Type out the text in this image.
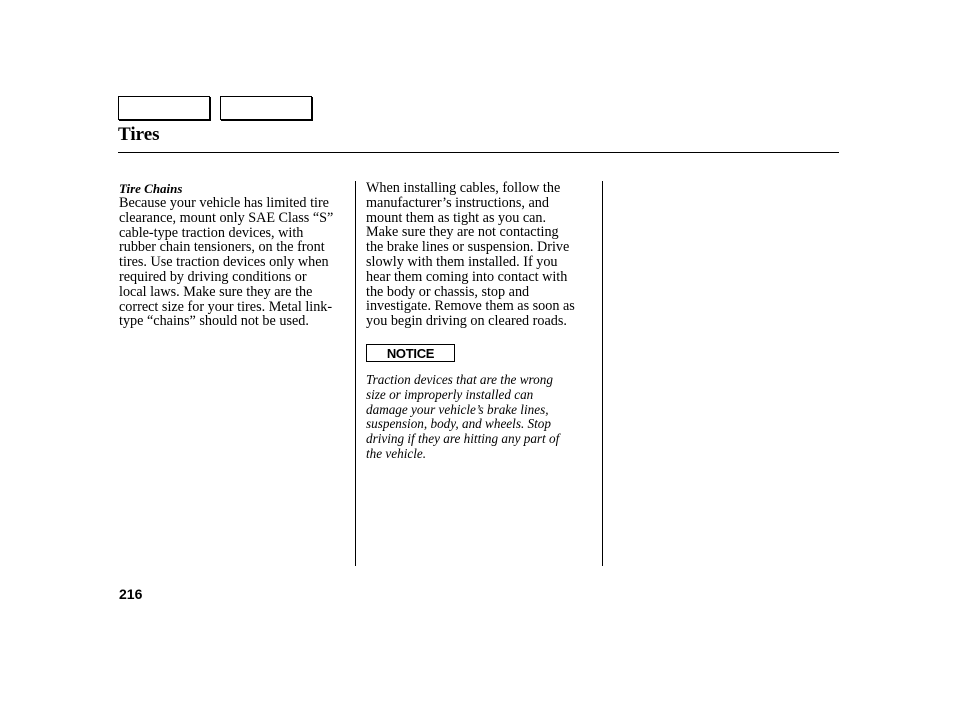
Tires
Tire Chains
Because your vehicle has limited tire
clearance, mount only SAE Class “S”
cable-type traction devices, with
rubber chain tensioners, on the front
tires. Use traction devices only when
required by driving conditions or
local laws. Make sure they are the
correct size for your tires. Metal link-
type “chains” should not be used.
When installing cables, follow the
manufacturer’s instructions, and
mount them as tight as you can.
Make sure they are not contacting
the brake lines or suspension. Drive
slowly with them installed. If you
hear them coming into contact with
the body or chassis, stop and
investigate. Remove them as soon as
you begin driving on cleared roads.
NOTICE
Traction devices that are the wrong
size or improperly installed can
damage your vehicle’s brake lines,
suspension, body, and wheels. Stop
driving if they are hitting any part of
the vehicle.
216
